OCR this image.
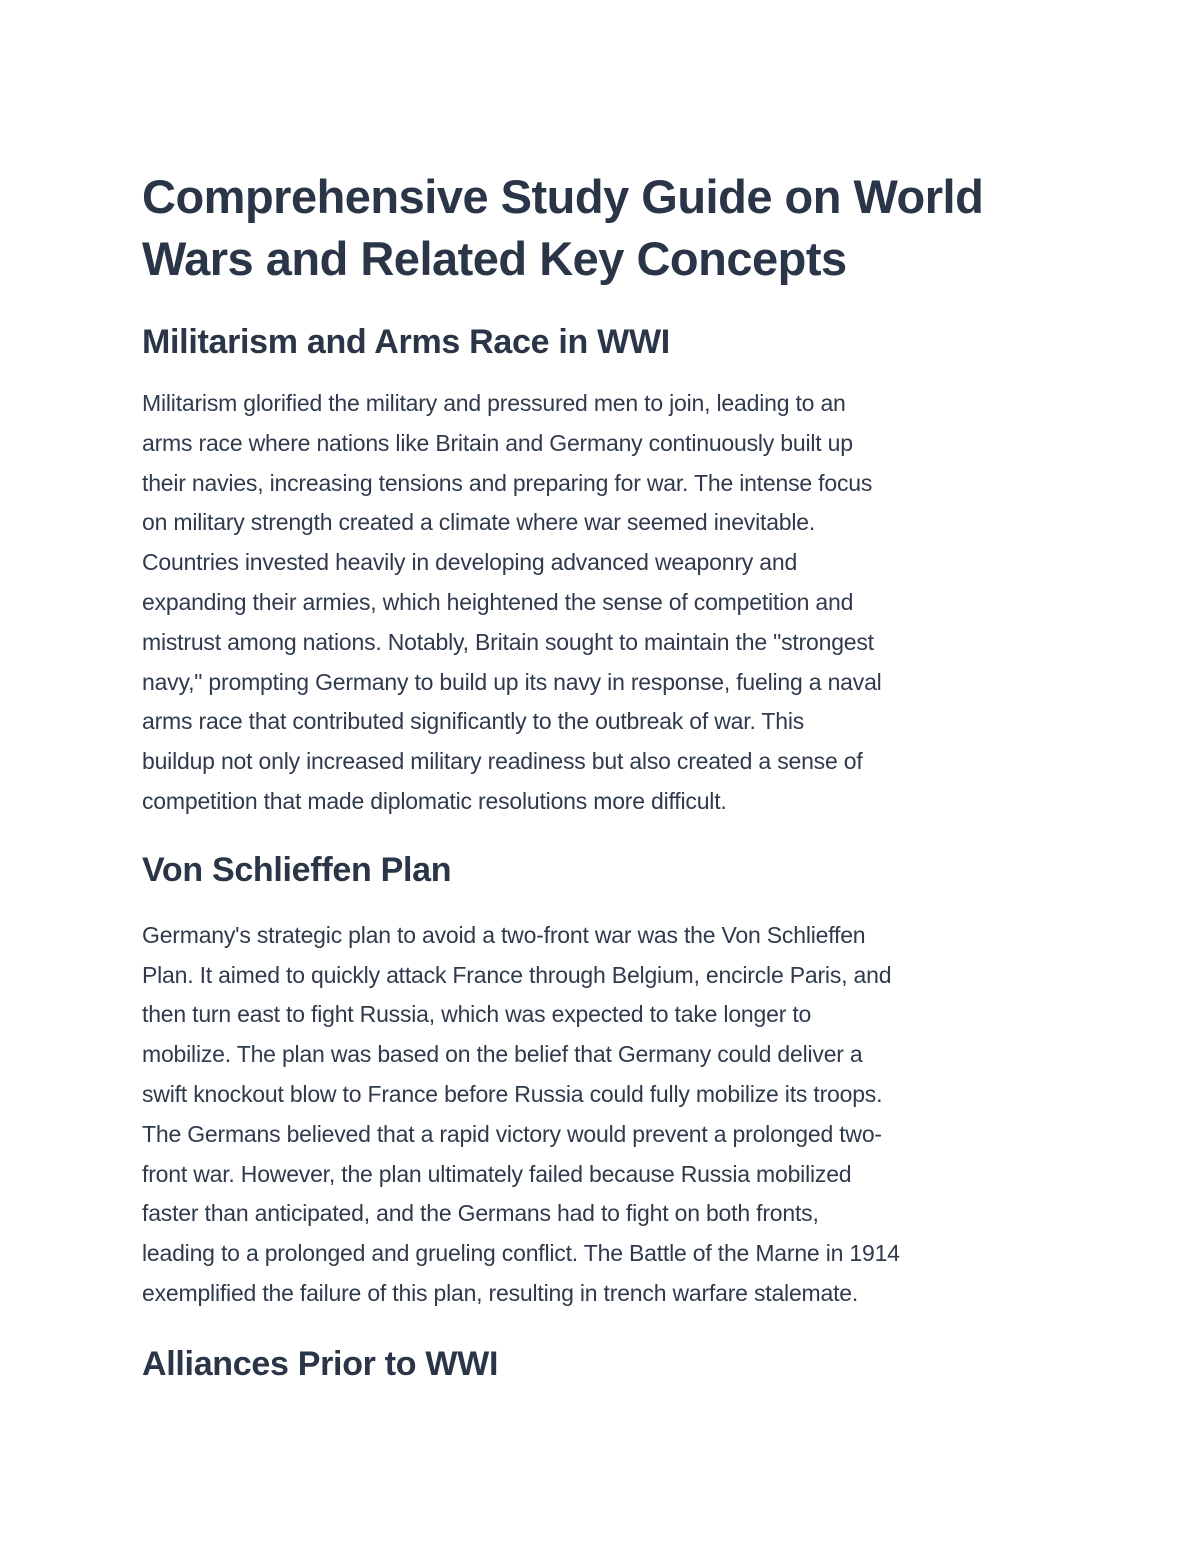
Comprehensive Study Guide on World
Wars and Related Key Concepts
Militarism and Arms Race in WWI

Militarism glorified the military and pressured men to join, leading to an
arms race where nations like Britain and Germany continuously built up
their navies, increasing tensions and preparing for war. The intense focus
on military strength created a climate where war seemed inevitable.
Countries invested heavily in developing advanced weaponry and
expanding their armies, which heightened the sense of competition and
mistrust among nations. Notably, Britain sought to maintain the "strongest
navy," prompting Germany to build up its navy in response, fueling a naval
arms race that contributed significantly to the outbreak of war. This
buildup not only increased military readiness but also created a sense of
competition that made diplomatic resolutions more difficult.

Von Schlieffen Plan

Germany's strategic plan to avoid a two-front war was the Von Schlieffen
Plan. It aimed to quickly attack France through Belgium, encircle Paris, and
then turn east to fight Russia, which was expected to take longer to
mobilize. The plan was based on the belief that Germany could deliver a
swift knockout blow to France before Russia could fully mobilize its troops.
The Germans believed that a rapid victory would prevent a prolonged two-
front war. However, the plan ultimately failed because Russia mobilized
faster than anticipated, and the Germans had to fight on both fronts,
leading to a prolonged and grueling conflict. The Battle of the Marne in 1914
exemplified the failure of this plan, resulting in trench warfare stalemate.

Alliances Prior to WWI
